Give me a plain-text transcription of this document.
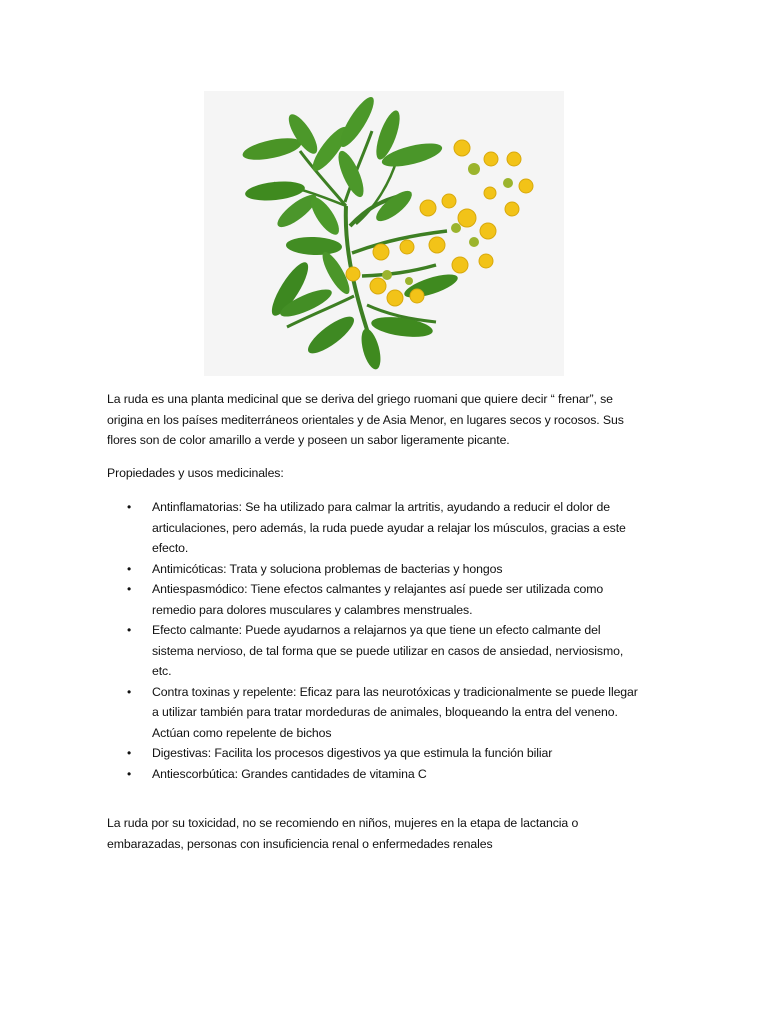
La ruda es una planta medicinal que se deriva del griego ruomani que quiere decir “ frenar”, se
origina en los países mediterráneos orientales y de Asia Menor, en lugares secos y rocosos. Sus
flores son de color amarillo a verde y poseen un sabor ligeramente picante.
Propiedades y usos medicinales:
•	Antinflamatorias: Se ha utilizado para calmar la artritis, ayudando a reducir el dolor de
articulaciones, pero además, la ruda puede ayudar a relajar los músculos, gracias a este
efecto.
•	Antimicóticas: Trata y soluciona problemas de bacterias y hongos
•	Antiespasmódico: Tiene efectos calmantes y relajantes así puede ser utilizada como
remedio para dolores musculares y calambres menstruales.
•	Efecto calmante: Puede ayudarnos a relajarnos ya que tiene un efecto calmante del
sistema nervioso, de tal forma que se puede utilizar en casos de ansiedad, nerviosismo,
etc.
•	Contra toxinas y repelente: Eficaz para las neurotóxicas y tradicionalmente se puede llegar
a utilizar también para tratar mordeduras de animales, bloqueando la entra del veneno.
Actúan como repelente de bichos
•	Digestivas: Facilita los procesos digestivos ya que estimula la función biliar
•	Antiescorbútica: Grandes cantidades de vitamina C
La ruda por su toxicidad, no se recomiendo en niños, mujeres en la etapa de lactancia o
embarazadas, personas con insuficiencia renal o enfermedades renales
